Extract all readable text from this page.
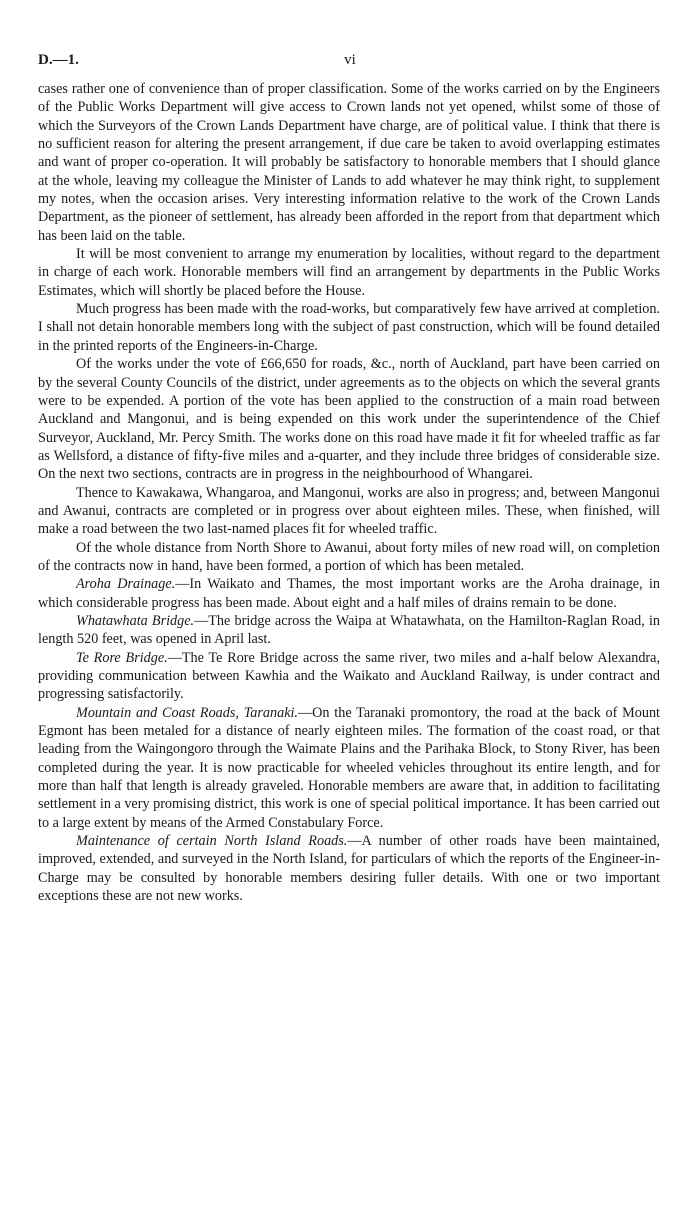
D.—1.	vi

cases rather one of convenience than of proper classification. Some of the works carried on by the Engineers of the Public Works Department will give access to Crown lands not yet opened, whilst some of those of which the Surveyors of the Crown Lands Department have charge, are of political value. I think that there is no sufficient reason for altering the present arrangement, if due care be taken to avoid overlapping estimates and want of proper co-operation. It will probably be satisfactory to honorable members that I should glance at the whole, leaving my colleague the Minister of Lands to add whatever he may think right, to supplement my notes, when the occasion arises. Very interesting information relative to the work of the Crown Lands Department, as the pioneer of settlement, has already been afforded in the report from that department which has been laid on the table.

It will be most convenient to arrange my enumeration by localities, without regard to the department in charge of each work. Honorable members will find an arrangement by departments in the Public Works Estimates, which will shortly be placed before the House.

Much progress has been made with the road-works, but comparatively few have arrived at completion. I shall not detain honorable members long with the subject of past construction, which will be found detailed in the printed reports of the Engineers-in-Charge.

Of the works under the vote of £66,650 for roads, &c., north of Auckland, part have been carried on by the several County Councils of the district, under agreements as to the objects on which the several grants were to be expended. A portion of the vote has been applied to the construction of a main road between Auckland and Mangonui, and is being expended on this work under the superintendence of the Chief Surveyor, Auckland, Mr. Percy Smith. The works done on this road have made it fit for wheeled traffic as far as Wellsford, a distance of fifty-five miles and a-quarter, and they include three bridges of considerable size. On the next two sections, contracts are in progress in the neighbourhood of Whangarei.

Thence to Kawakawa, Whangaroa, and Mangonui, works are also in progress; and, between Mangonui and Awanui, contracts are completed or in progress over about eighteen miles. These, when finished, will make a road between the two last-named places fit for wheeled traffic.

Of the whole distance from North Shore to Awanui, about forty miles of new road will, on completion of the contracts now in hand, have been formed, a portion of which has been metaled.

Aroha Drainage.—In Waikato and Thames, the most important works are the Aroha drainage, in which considerable progress has been made. About eight and a half miles of drains remain to be done.

Whatawhata Bridge.—The bridge across the Waipa at Whatawhata, on the Hamilton-Raglan Road, in length 520 feet, was opened in April last.

Te Rore Bridge.—The Te Rore Bridge across the same river, two miles and a-half below Alexandra, providing communication between Kawhia and the Waikato and Auckland Railway, is under contract and progressing satisfactorily.

Mountain and Coast Roads, Taranaki.—On the Taranaki promontory, the road at the back of Mount Egmont has been metaled for a distance of nearly eighteen miles. The formation of the coast road, or that leading from the Waingongoro through the Waimate Plains and the Parihaka Block, to Stony River, has been completed during the year. It is now practicable for wheeled vehicles throughout its entire length, and for more than half that length is already graveled. Honorable members are aware that, in addition to facilitating settlement in a very promising district, this work is one of special political importance. It has been carried out to a large extent by means of the Armed Constabulary Force.

Maintenance of certain North Island Roads.—A number of other roads have been maintained, improved, extended, and surveyed in the North Island, for particulars of which the reports of the Engineer-in-Charge may be consulted by honorable members desiring fuller details. With one or two important exceptions these are not new works.
